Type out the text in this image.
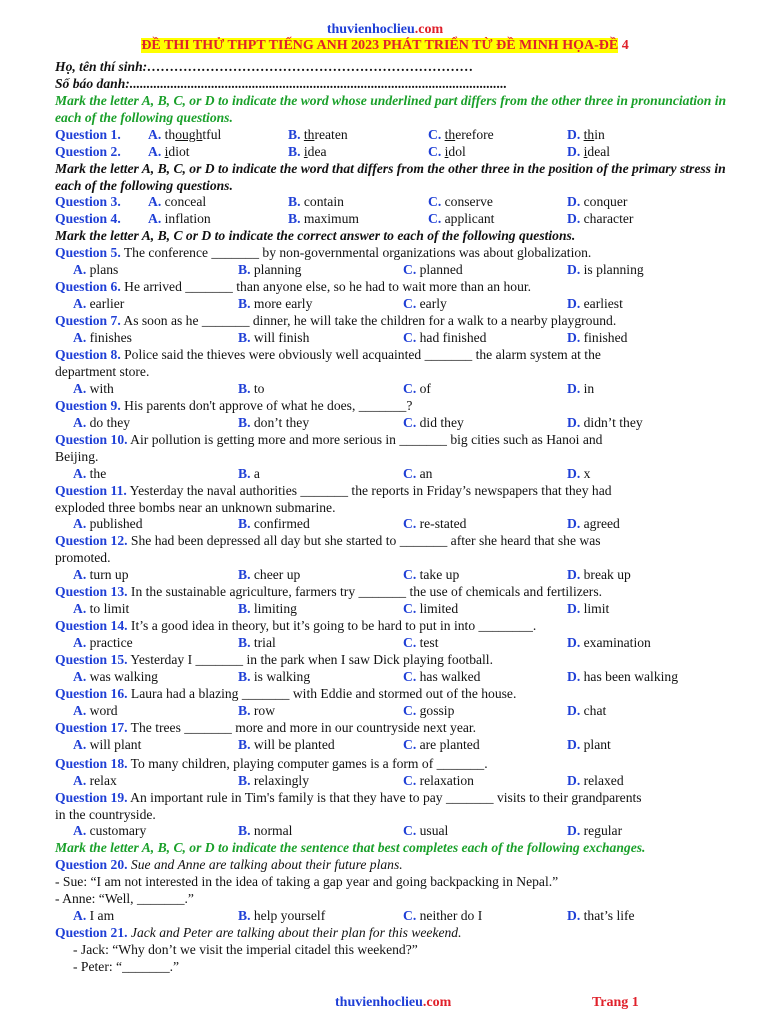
thuvienhoclieu.com
ĐỀ THI THỬ THPT TIẾNG ANH 2023 PHÁT TRIỂN TỪ ĐỀ MINH HỌA-ĐỀ 4
Họ, tên thí sinh:………………………………………………………………
Số báo danh:...............................................................................................................
Mark the letter A, B, C, or D to indicate the word whose underlined part differs from the other three in pronunciation in each of the following questions.
Question 1. A. thoughtful	B. threaten	C. therefore	D. thin
Question 2. A. idiot	B. idea	C. idol	D. ideal
Mark the letter A, B, C, or D to indicate the word that differs from the other three in the position of the primary stress in each of the following questions.
Question 3. A. conceal	B. contain	C. conserve	D. conquer
Question 4. A. inflation	B. maximum	C. applicant	D. character
Mark the letter A, B, C or D to indicate the correct answer to each of the following questions.
Question 5. The conference _______ by non-governmental organizations was about globalization.
A. plans	B. planning	C. planned	D. is planning
Question 6. He arrived _______ than anyone else, so he had to wait more than an hour.
A. earlier	B. more early	C. early	D. earliest
Question 7. As soon as he _______ dinner, he will take the children for a walk to a nearby playground.
A. finishes	B. will finish	C. had finished	D. finished
Question 8. Police said the thieves were obviously well acquainted _______ the alarm system at the
department store.
A. with	B. to	C. of	D. in
Question 9. His parents don't approve of what he does, _______?
A. do they	B. don’t they	C. did they	D. didn’t they
Question 10. Air pollution is getting more and more serious in _______ big cities such as Hanoi and
Beijing.
A. the	B. a	C. an	D. x
Question 11. Yesterday the naval authorities _______ the reports in Friday’s newspapers that they had
exploded three bombs near an unknown submarine.
A. published	B. confirmed	C. re-stated	D. agreed
Question 12. She had been depressed all day but she started to _______ after she heard that she was
promoted.
A. turn up	B. cheer up	C. take up	D. break up
Question 13. In the sustainable agriculture, farmers try _______ the use of chemicals and fertilizers.
A. to limit	B. limiting	C. limited	D. limit
Question 14. It’s a good idea in theory, but it’s going to be hard to put in into ________.
A. practice	B. trial	C. test	D. examination
Question 15. Yesterday I _______ in the park when I saw Dick playing football.
A. was walking	B. is walking	C. has walked	D. has been walking
Question 16. Laura had a blazing _______ with Eddie and stormed out of the house.
A. word	B. row	C. gossip	D. chat
Question 17. The trees _______ more and more in our countryside next year.
A. will plant	B. will be planted	C. are planted	D. plant
Question 18. To many children, playing computer games is a form of _______.
A. relax	B. relaxingly	C. relaxation	D. relaxed
Question 19. An important rule in Tim's family is that they have to pay _______ visits to their grandparents
in the countryside.
A. customary	B. normal	C. usual	D. regular
Mark the letter A, B, C, or D to indicate the sentence that best completes each of the following exchanges.
Question 20. Sue and Anne are talking about their future plans.
- Sue: “I am not interested in the idea of taking a gap year and going backpacking in Nepal.”
- Anne: “Well, _______.”
A. I am	B. help yourself	C. neither do I	D. that’s life
Question 21. Jack and Peter are talking about their plan for this weekend.
- Jack: “Why don’t we visit the imperial citadel this weekend?”
- Peter: “_______.”
thuvienhoclieu.com	Trang 1
